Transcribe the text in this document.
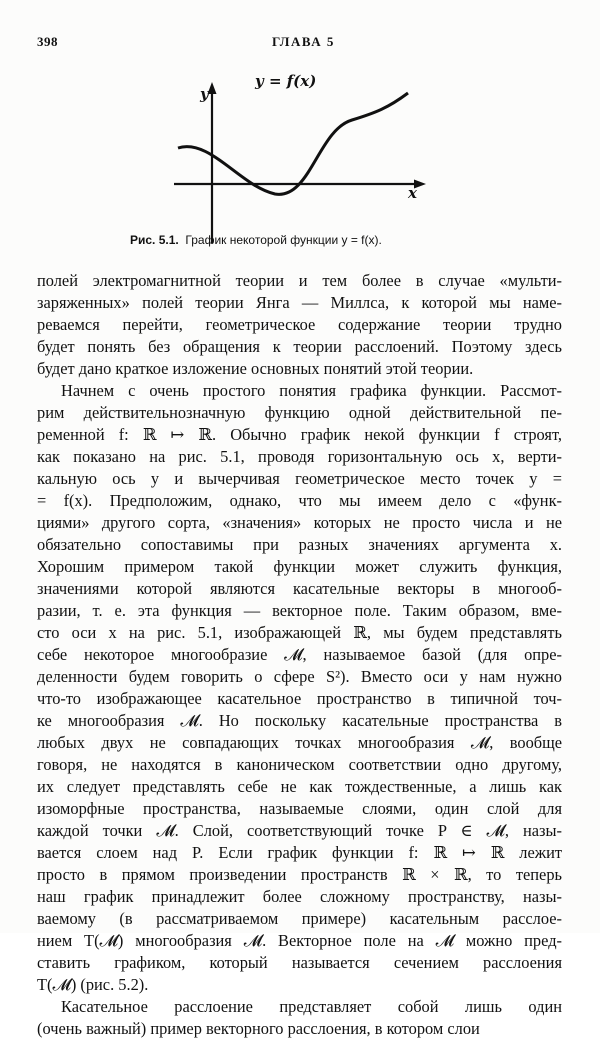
398	ГЛАВА 5
y = f(x)
y
x
Рис. 5.1.  График некоторой функции y = f(x).
полей электромагнитной теории и тем более в случае «мульти-
заряженных» полей теории Янга — Миллса, к которой мы наме-
реваемся перейти, геометрическое содержание теории трудно
будет понять без обращения к теории расслоений. Поэтому здесь
будет дано краткое изложение основных понятий этой теории.
Начнем с очень простого понятия графика функции. Рассмот-
рим действительнозначную функцию одной действительной пе-
ременной f: ℝ ↦ ℝ. Обычно график некой функции f строят,
как показано на рис. 5.1, проводя горизонтальную ось x, верти-
кальную ось y и вычерчивая геометрическое место точек y =
= f(x). Предположим, однако, что мы имеем дело с «функ-
циями» другого сорта, «значения» которых не просто числа и не
обязательно сопоставимы при разных значениях аргумента x.
Хорошим примером такой функции может служить функция,
значениями которой являются касательные векторы в многооб-
разии, т. е. эта функция — векторное поле. Таким образом, вме-
сто оси x на рис. 5.1, изображающей ℝ, мы будем представлять
себе некоторое многообразие 𝓜, называемое базой (для опре-
деленности будем говорить о сфере S²). Вместо оси y нам нужно
что-то изображающее касательное пространство в типичной точ-
ке многообразия 𝓜. Но поскольку касательные пространства в
любых двух не совпадающих точках многообразия 𝓜, вообще
говоря, не находятся в каноническом соответствии одно другому,
их следует представлять себе не как тождественные, а лишь как
изоморфные пространства, называемые слоями, один слой для
каждой точки 𝓜. Слой, соответствующий точке P ∈ 𝓜, назы-
вается слоем над P. Если график функции f: ℝ ↦ ℝ лежит
просто в прямом произведении пространств ℝ × ℝ, то теперь
наш график принадлежит более сложному пространству, назы-
ваемому (в рассматриваемом примере) касательным расслое-
нием T(𝓜) многообразия 𝓜. Векторное поле на 𝓜 можно пред-
ставить графиком, который называется сечением расслоения
T(𝓜) (рис. 5.2).
Касательное расслоение представляет собой лишь один
(очень важный) пример векторного расслоения, в котором слои
